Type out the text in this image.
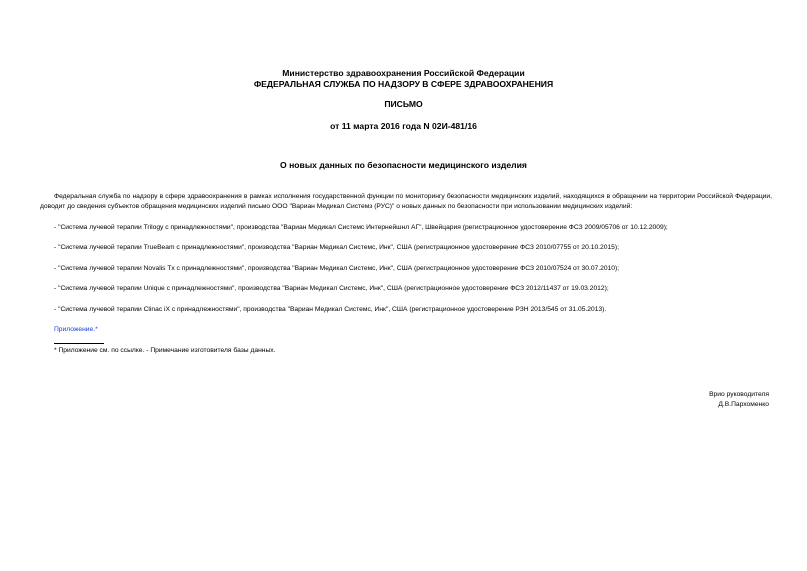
Министерство здравоохранения Российской Федерации
ФЕДЕРАЛЬНАЯ СЛУЖБА ПО НАДЗОРУ В СФЕРЕ ЗДРАВООХРАНЕНИЯ
ПИСЬМО
от 11 марта 2016 года N 02И-481/16
О новых данных по безопасности медицинского изделия
Федеральная служба по надзору в сфере здравоохранения в рамках исполнения государственной функции по мониторингу безопасности медицинских изделий, находящихся в обращении на территории Российской Федерации, доводит до сведения субъектов обращения медицинских изделий письмо ООО "Вариан Медикал Системз (РУС)" о новых данных по безопасности при использовании медицинских изделий:
- "Система лучевой терапии Trilogy с принадлежностями", производства "Вариан Медикал Системс Интернейшнл АГ", Швейцария (регистрационное удостоверение ФСЗ 2009/05706 от 10.12.2009);
- "Система лучевой терапии TrueBeam с принадлежностями", производства "Вариан Медикал Системс, Инк", США (регистрационное удостоверение ФСЗ 2010/07755 от 20.10.2015);
- "Система лучевой терапии Novalis Tx с принадлежностями", производства "Вариан Медикал Системс, Инк", США (регистрационное удостоверение ФСЗ 2010/07524 от 30.07.2010);
- "Система лучевой терапии Unique с принадлежностями", производства "Вариан Медикал Системс, Инк", США (регистрационное удостоверение ФСЗ 2012/11437 от 19.03.2012);
- "Система лучевой терапии Clinac iX с принадлежностями", производства "Вариан Медикал Системс, Инк", США (регистрационное удостоверение РЗН 2013/545 от 31.05.2013).
Приложение.*
* Приложение см. по ссылке. - Примечание изготовителя базы данных.
Врио руководителя
Д.В.Пархоменко
